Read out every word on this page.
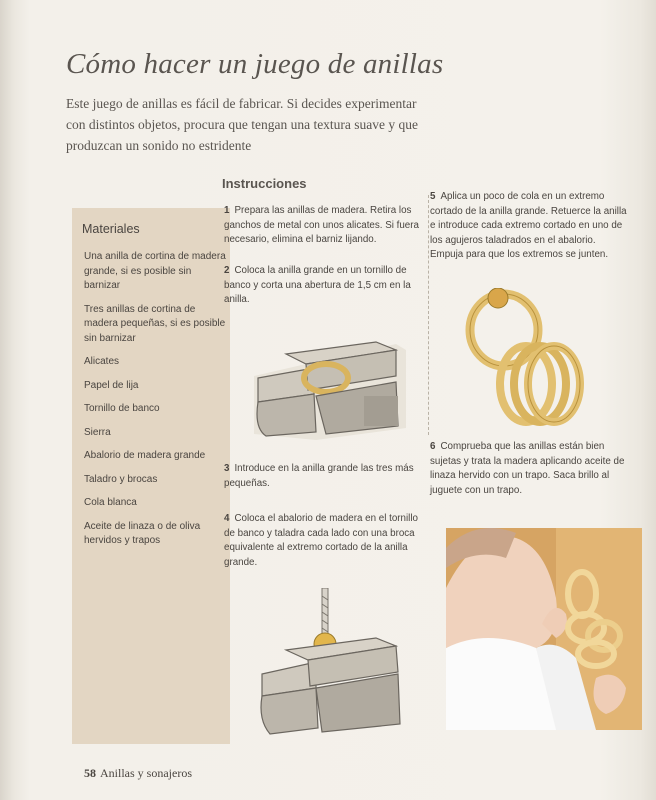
Cómo hacer un juego de anillas
Este juego de anillas es fácil de fabricar. Si decides experimentar con distintos objetos, procura que tengan una textura suave y que produzcan un sonido no estridente
Instrucciones
Materiales
Una anilla de cortina de madera grande, si es posible sin barnizar
Tres anillas de cortina de madera pequeñas, si es posible sin barnizar
Alicates
Papel de lija
Tornillo de banco
Sierra
Abalorio de madera grande
Taladro y brocas
Cola blanca
Aceite de linaza o de oliva hervidos y trapos
1 Prepara las anillas de madera. Retira los ganchos de metal con unos alicates. Si fuera necesario, elimina el barniz lijando.
2 Coloca la anilla grande en un tornillo de banco y corta una abertura de 1,5 cm en la anilla.
3 Introduce en la anilla grande las tres más pequeñas.
4 Coloca el abalorio de madera en el tornillo de banco y taladra cada lado con una broca equivalente al extremo cortado de la anilla grande.
5 Aplica un poco de cola en un extremo cortado de la anilla grande. Retuerce la anilla e introduce cada extremo cortado en uno de los agujeros taladrados en el abalorio. Empuja para que los extremos se junten.
6 Comprueba que las anillas están bien sujetas y trata la madera aplicando aceite de linaza hervido con un trapo. Saca brillo al juguete con un trapo.
58 Anillas y sonajeros
